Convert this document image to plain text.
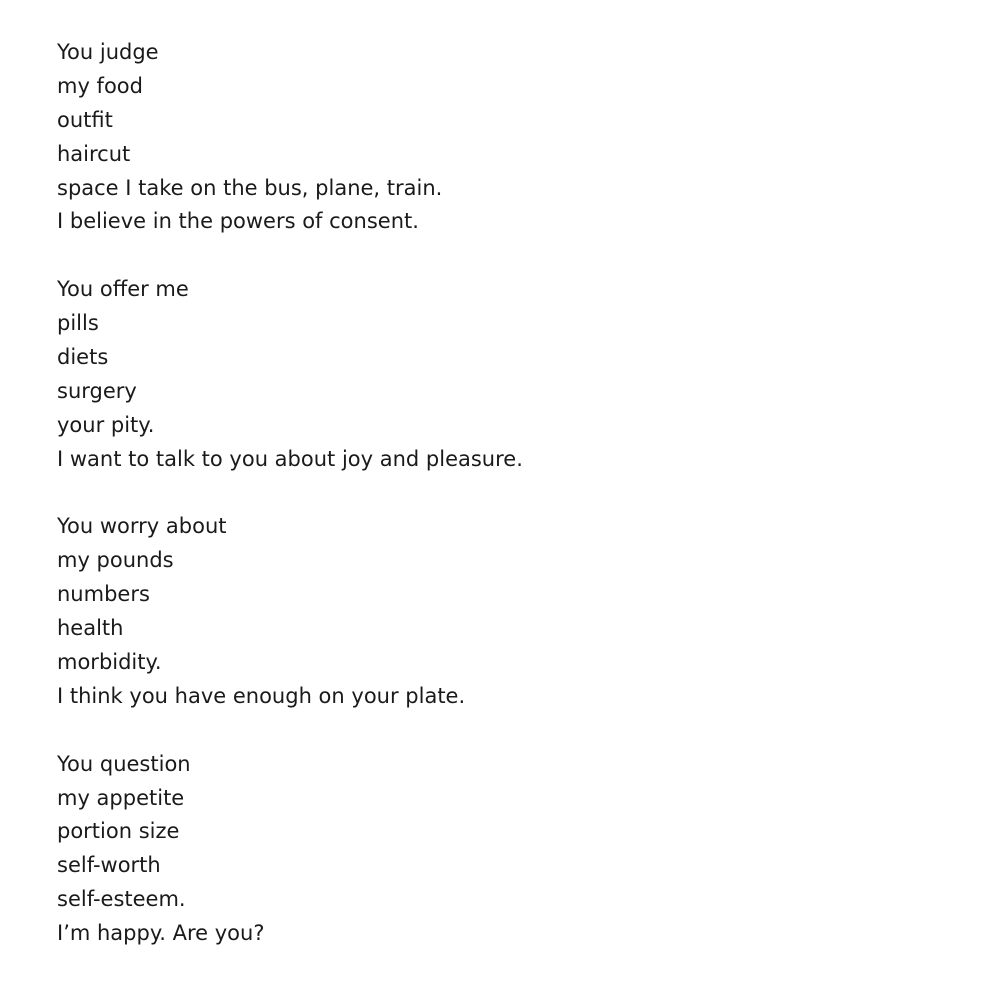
You judge
my food
outfit
haircut
space I take on the bus, plane, train.
I believe in the powers of consent.
You offer me
pills
diets
surgery
your pity.
I want to talk to you about joy and pleasure.
You worry about
my pounds
numbers
health
morbidity.
I think you have enough on your plate.
You question
my appetite
portion size
self-worth
self-esteem.
I’m happy. Are you?
